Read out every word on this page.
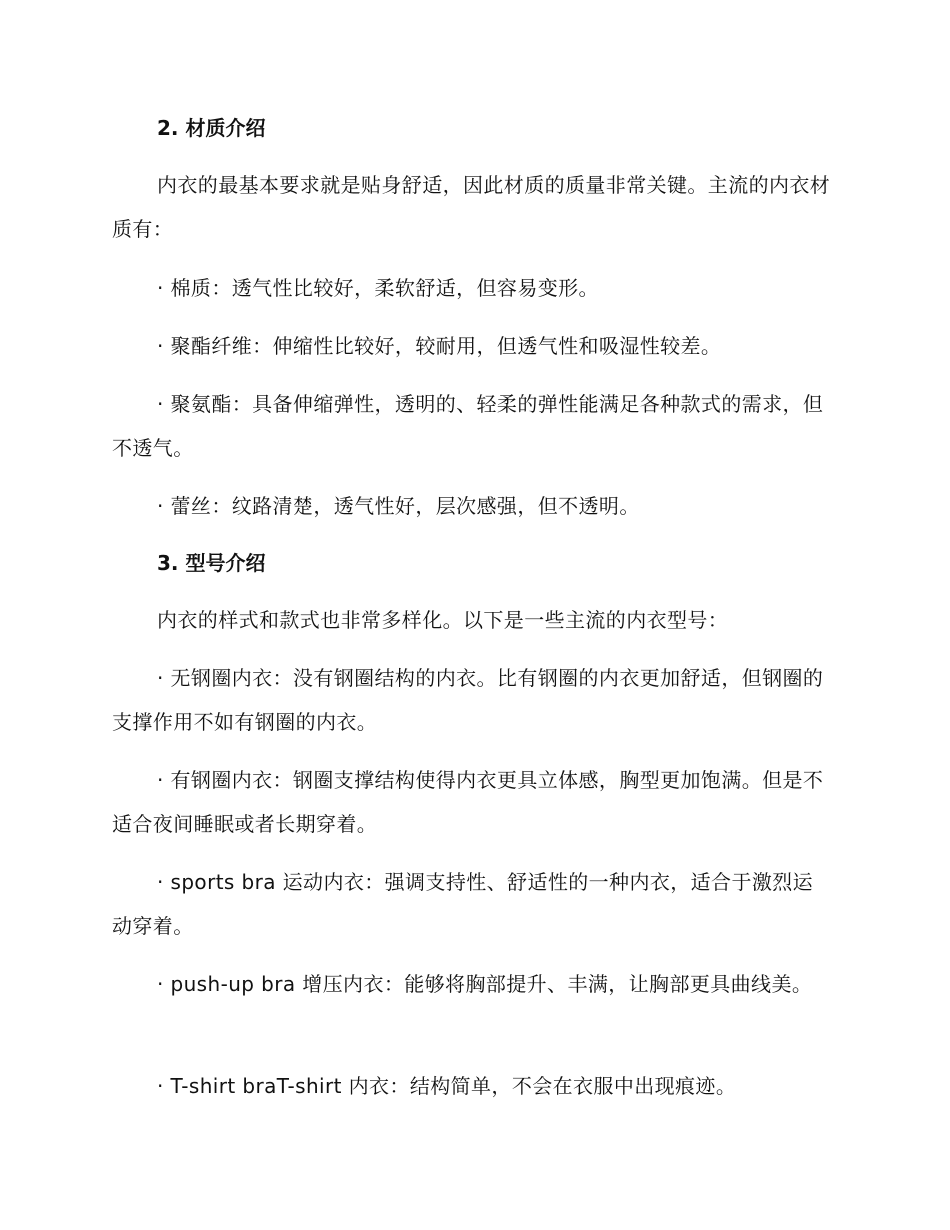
2. 材质介绍

内衣的最基本要求就是贴身舒适，因此材质的质量非常关键。主流的内衣材质有：

· 棉质：透气性比较好，柔软舒适，但容易变形。

· 聚酯纤维：伸缩性比较好，较耐用，但透气性和吸湿性较差。

· 聚氨酯：具备伸缩弹性，透明的、轻柔的弹性能满足各种款式的需求，但不透气。

· 蕾丝：纹路清楚，透气性好，层次感强，但不透明。

3. 型号介绍

内衣的样式和款式也非常多样化。以下是一些主流的内衣型号：

· 无钢圈内衣：没有钢圈结构的内衣。比有钢圈的内衣更加舒适，但钢圈的支撑作用不如有钢圈的内衣。

· 有钢圈内衣：钢圈支撑结构使得内衣更具立体感，胸型更加饱满。但是不适合夜间睡眠或者长期穿着。

· sports bra 运动内衣：强调支持性、舒适性的一种内衣，适合于激烈运动穿着。

· push-up bra 增压内衣：能够将胸部提升、丰满，让胸部更具曲线美。

· T-shirt braT-shirt 内衣：结构简单，不会在衣服中出现痕迹。
